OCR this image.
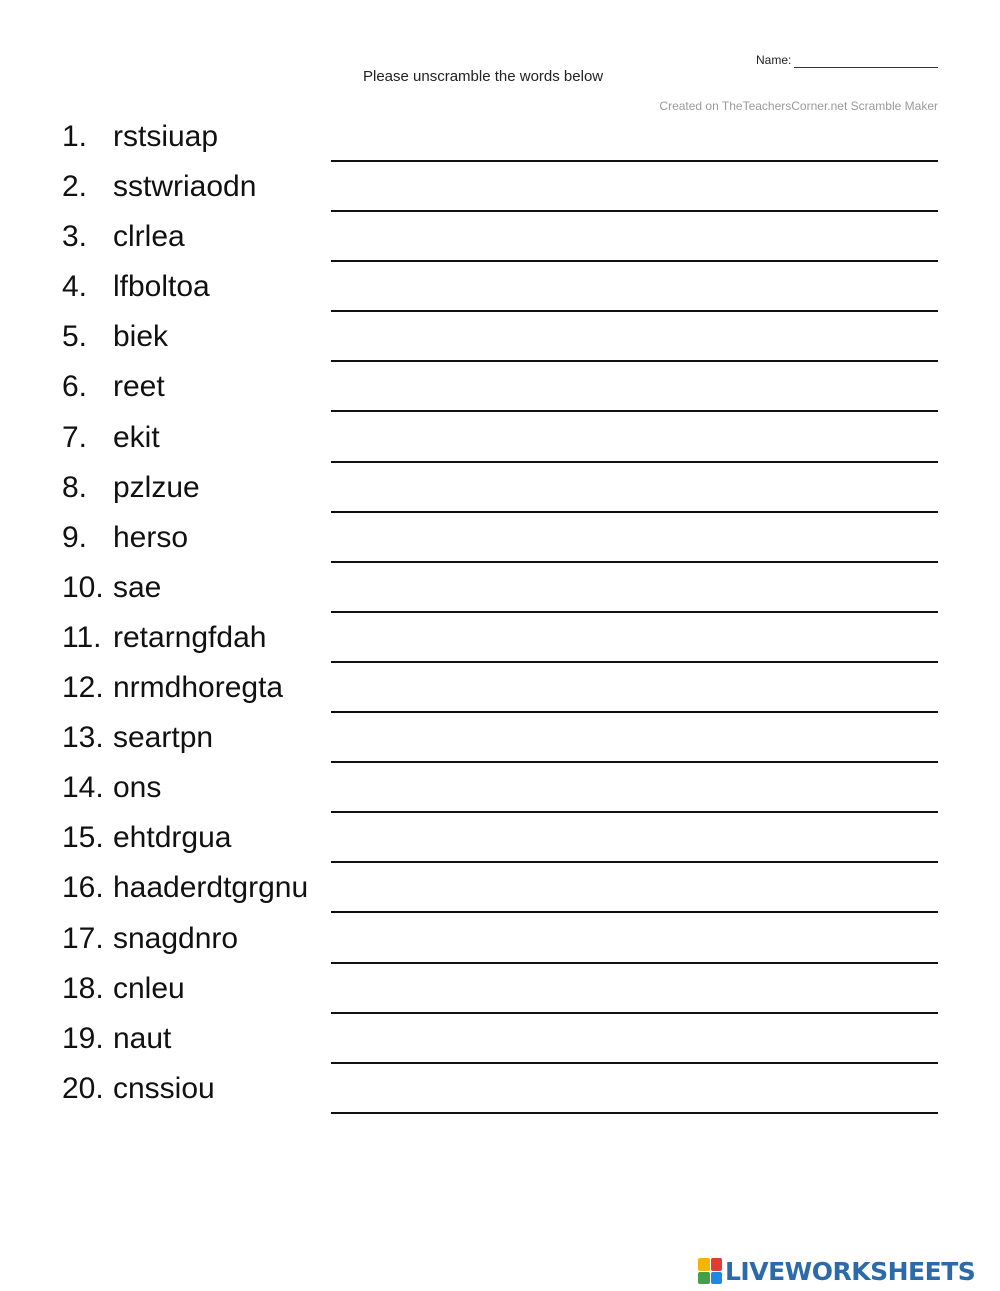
Name:
Please unscramble the words below
Created on TheTeachersCorner.net Scramble Maker
1. rstsiuap
2. sstwriaodn
3. clrlea
4. lfboltoa
5. biek
6. reet
7. ekit
8. pzlzue
9. herso
10. sae
11. retarngfdah
12. nrmdhoregta
13. seartpn
14. ons
15. ehtdrgua
16. haaderdtgrgnu
17. snagdnro
18. cnleu
19. naut
20. cnssiou
LIVEWORKSHEETS
